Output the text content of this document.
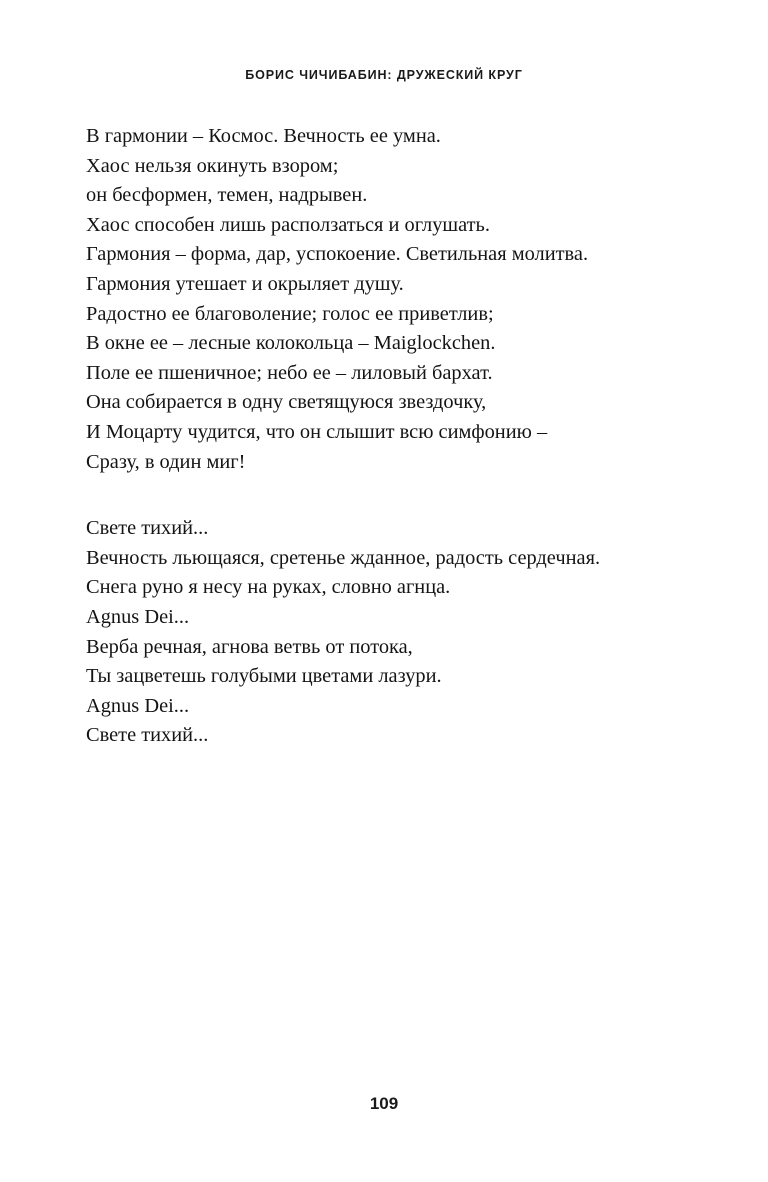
БОРИС ЧИЧИБАБИН: ДРУЖЕСКИЙ КРУГ
В гармонии – Космос. Вечность ее умна.
Хаос нельзя окинуть взором;
он бесформен, темен, надрывен.
Хаос способен лишь расползаться и оглушать.
Гармония – форма, дар, успокоение. Светильная молитва.
Гармония утешает и окрыляет душу.
Радостно ее благоволение; голос ее приветлив;
В окне ее – лесные колокольца – Maiglockchen.
Поле ее пшеничное; небо ее – лиловый бархат.
Она собирается в одну светящуюся звездочку,
И Моцарту чудится, что он слышит всю симфонию –
Сразу, в один миг!
Свете тихий...
Вечность льющаяся, сретенье жданное, радость сердечная.
Снега руно я несу на руках, словно агнца.
Agnus Dei...
Верба речная, агнова ветвь от потока,
Ты зацветешь голубыми цветами лазури.
Agnus Dei...
Свете тихий...
109
